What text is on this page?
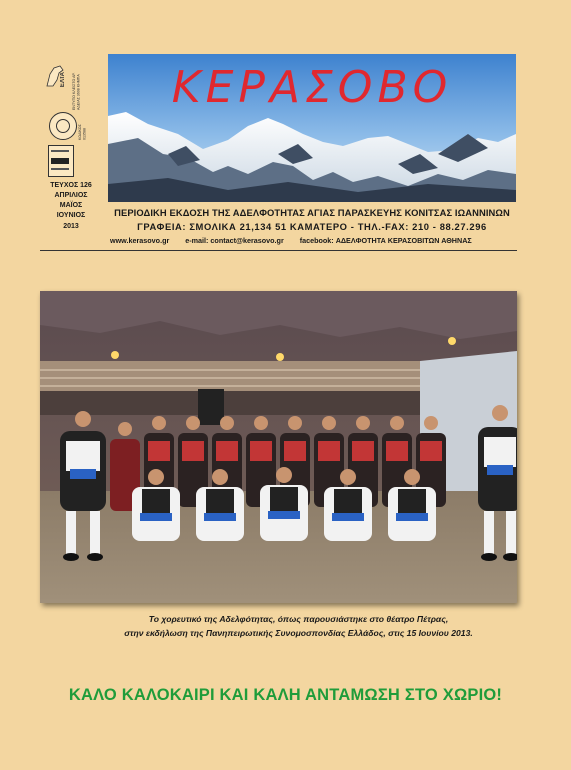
ΕΛΤΑ ΕΝΤΥΠΟ ΚΛΕΙΣΤΟ ΑΡ. ΑΔΕΙΑΣ 3608 ΚΗΜΠΑ
ΚΩΔΙΚΟΣ 013588
ΤΕΥΧΟΣ 126
ΑΠΡΙΛΙΟΣ
ΜΑΪΟΣ
ΙΟΥΝΙΟΣ
2013
ΚΕΡΑΣΟΒΟ
ΠΕΡΙΟΔΙΚΗ ΕΚΔΟΣΗ ΤΗΣ ΑΔΕΛΦΟΤΗΤΑΣ ΑΓΙΑΣ ΠΑΡΑΣΚΕΥΗΣ ΚΟΝΙΤΣΑΣ ΙΩΑΝΝΙΝΩΝ
ΓΡΑΦΕΙΑ: ΣΜΟΛΙΚΑ 21,134 51 ΚΑΜΑΤΕΡΟ - ΤΗΛ.-FAX: 210 - 88.27.296
www.kerasovo.gr e-mail: contact@kerasovo.gr facebook: ΑΔΕΛΦΟΤΗΤΑ ΚΕΡΑΣΟΒΙΤΩΝ ΑΘΗΝΑΣ
Το χορευτικό της Αδελφότητας, όπως παρουσιάστηκε στο θέατρο Πέτρας,
στην εκδήλωση της Πανηπειρωτικής Συνομοσπονδίας Ελλάδος, στις 15 Ιουνίου 2013.
ΚΑΛΟ ΚΑΛΟΚΑΙΡΙ ΚΑΙ ΚΑΛΗ ΑΝΤΑΜΩΣΗ ΣΤΟ ΧΩΡΙΟ!
